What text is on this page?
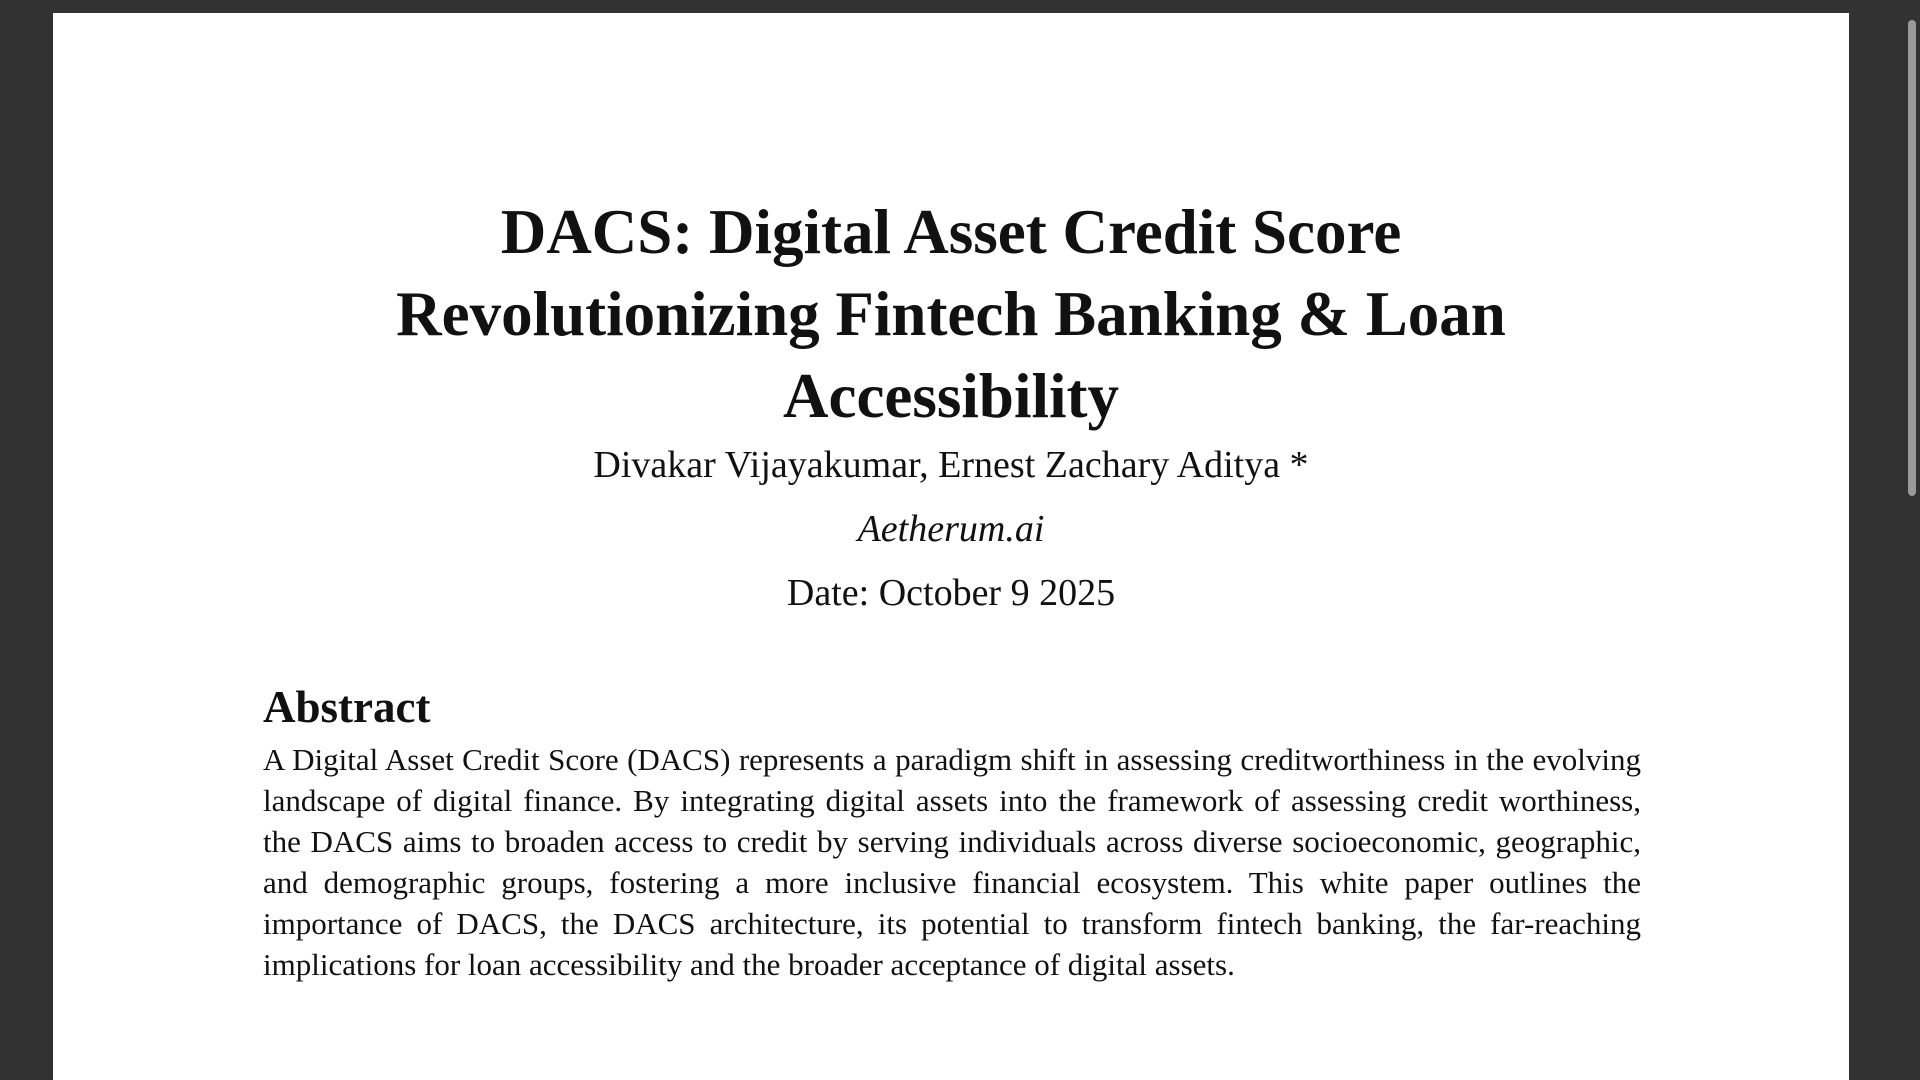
DACS: Digital Asset Credit Score
Revolutionizing Fintech Banking & Loan
Accessibility
Divakar Vijayakumar, Ernest Zachary Aditya *
Aetherum.ai
Date: October 9 2025
Abstract

A Digital Asset Credit Score (DACS) represents a paradigm shift in assessing creditworthiness in the evolving landscape of digital finance. By integrating digital assets into the framework of assessing credit worthiness, the DACS aims to broaden access to credit by serving individuals across diverse socioeconomic, geographic, and demographic groups, fostering a more inclusive financial ecosystem. This white paper outlines the importance of DACS, the DACS architecture, its potential to transform fintech banking, the far-reaching implications for loan accessibility and the broader acceptance of digital assets.
